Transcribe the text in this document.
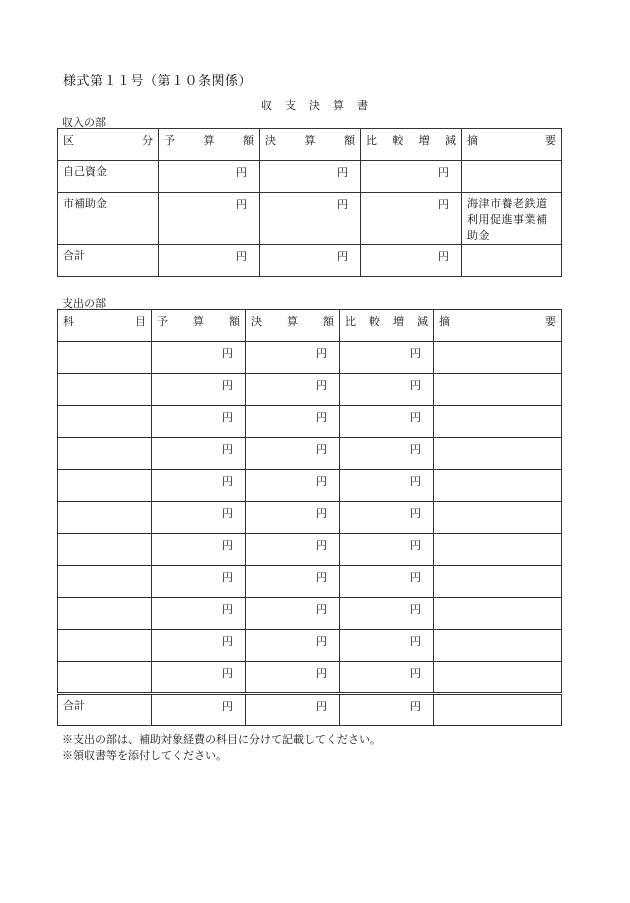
様式第１１号（第１０条関係）
収　支　決　算　書
収入の部
区 分	予 算 額	決 算 額	比 較 増 減	摘 要

自己資金	円	円	円	

市補助金	円	円	円	海津市養老鉄道利用促進事業補助金

合計	円	円	円	

支出の部
科 目	予 算 額	決 算 額	比 較 増 減	摘 要

	円	円	円	

	円	円	円	

	円	円	円	

	円	円	円	

	円	円	円	

	円	円	円	

	円	円	円	

	円	円	円	

	円	円	円	

	円	円	円	

	円	円	円	

合計	円	円	円	

※支出の部は、補助対象経費の科目に分けて記載してください。
※領収書等を添付してください。
